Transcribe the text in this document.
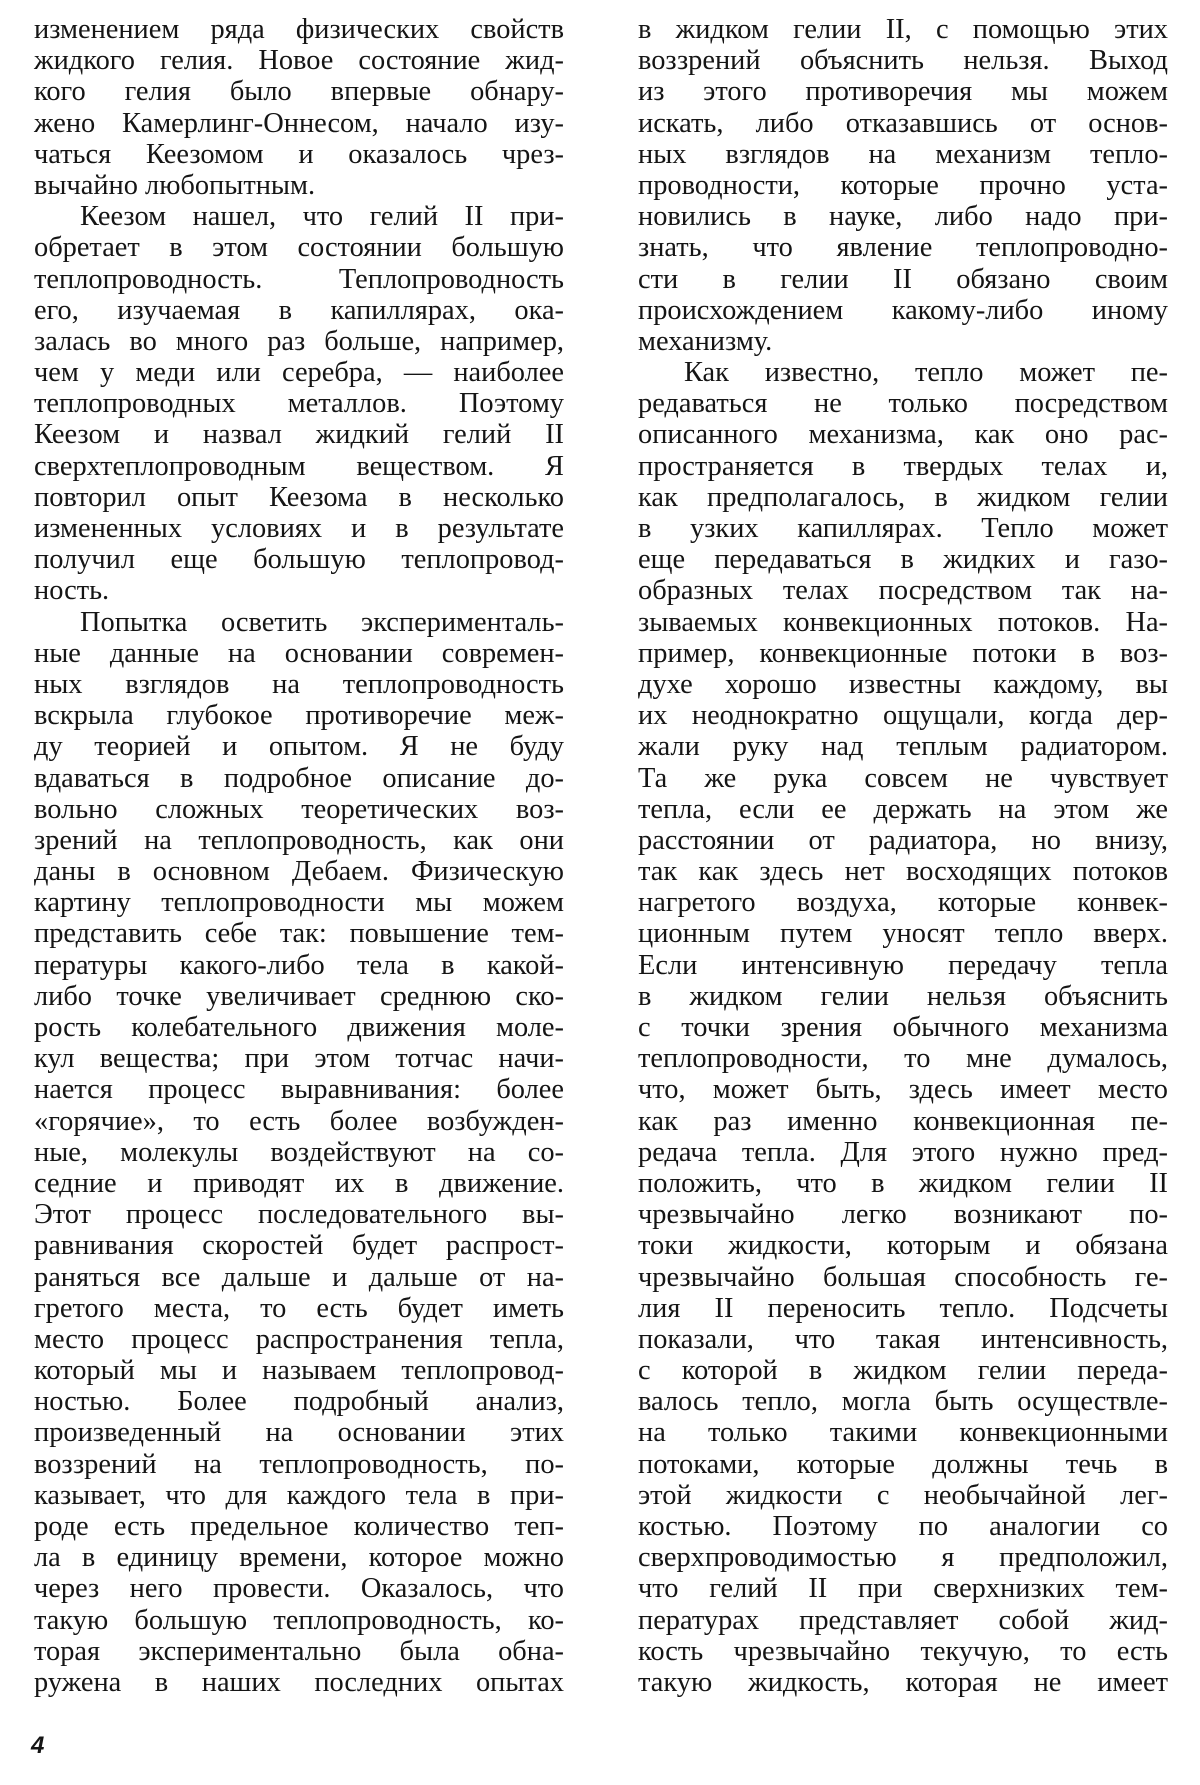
изменением ряда физических свойств
жидкого гелия. Новое состояние жид-
кого гелия было впервые обнару-
жено Камерлинг-Оннесом, начало изу-
чаться Кеезомом и оказалось чрез-
вычайно любопытным.
Кеезом нашел, что гелий II при-
обретает в этом состоянии большую
теплопроводность. Теплопроводность
его, изучаемая в капиллярах, ока-
залась во много раз больше, например,
чем у меди или серебра, — наиболее
теплопроводных металлов. Поэтому
Кеезом и назвал жидкий гелий II
сверхтеплопроводным веществом. Я
повторил опыт Кеезома в несколько
измененных условиях и в результате
получил еще большую теплопровод-
ность.
Попытка осветить эксперименталь-
ные данные на основании современ-
ных взглядов на теплопроводность
вскрыла глубокое противоречие меж-
ду теорией и опытом. Я не буду
вдаваться в подробное описание до-
вольно сложных теоретических воз-
зрений на теплопроводность, как они
даны в основном Дебаем. Физическую
картину теплопроводности мы можем
представить себе так: повышение тем-
пературы какого-либо тела в какой-
либо точке увеличивает среднюю ско-
рость колебательного движения моле-
кул вещества; при этом тотчас начи-
нается процесс выравнивания: более
«горячие», то есть более возбужден-
ные, молекулы воздействуют на со-
седние и приводят их в движение.
Этот процесс последовательного вы-
равнивания скоростей будет распрост-
раняться все дальше и дальше от на-
гретого места, то есть будет иметь
место процесс распространения тепла,
который мы и называем теплопровод-
ностью. Более подробный анализ,
произведенный на основании этих
воззрений на теплопроводность, по-
казывает, что для каждого тела в при-
роде есть предельное количество теп-
ла в единицу времени, которое можно
через него провести. Оказалось, что
такую большую теплопроводность, ко-
торая экспериментально была обна-
ружена в наших последних опытах
в жидком гелии II, с помощью этих
воззрений объяснить нельзя. Выход
из этого противоречия мы можем
искать, либо отказавшись от основ-
ных взглядов на механизм тепло-
проводности, которые прочно уста-
новились в науке, либо надо при-
знать, что явление теплопроводно-
сти в гелии II обязано своим
происхождением какому-либо иному
механизму.
Как известно, тепло может пе-
редаваться не только посредством
описанного механизма, как оно рас-
пространяется в твердых телах и,
как предполагалось, в жидком гелии
в узких капиллярах. Тепло может
еще передаваться в жидких и газо-
образных телах посредством так на-
зываемых конвекционных потоков. На-
пример, конвекционные потоки в воз-
духе хорошо известны каждому, вы
их неоднократно ощущали, когда дер-
жали руку над теплым радиатором.
Та же рука совсем не чувствует
тепла, если ее держать на этом же
расстоянии от радиатора, но внизу,
так как здесь нет восходящих потоков
нагретого воздуха, которые конвек-
ционным путем уносят тепло вверх.
Если интенсивную передачу тепла
в жидком гелии нельзя объяснить
с точки зрения обычного механизма
теплопроводности, то мне думалось,
что, может быть, здесь имеет место
как раз именно конвекционная пе-
редача тепла. Для этого нужно пред-
положить, что в жидком гелии II
чрезвычайно легко возникают по-
токи жидкости, которым и обязана
чрезвычайно большая способность ге-
лия II переносить тепло. Подсчеты
показали, что такая интенсивность,
с которой в жидком гелии переда-
валось тепло, могла быть осуществле-
на только такими конвекционными
потоками, которые должны течь в
этой жидкости с необычайной лег-
костью. Поэтому по аналогии со
сверхпроводимостью я предположил,
что гелий II при сверхнизких тем-
пературах представляет собой жид-
кость чрезвычайно текучую, то есть
такую жидкость, которая не имеет
4
